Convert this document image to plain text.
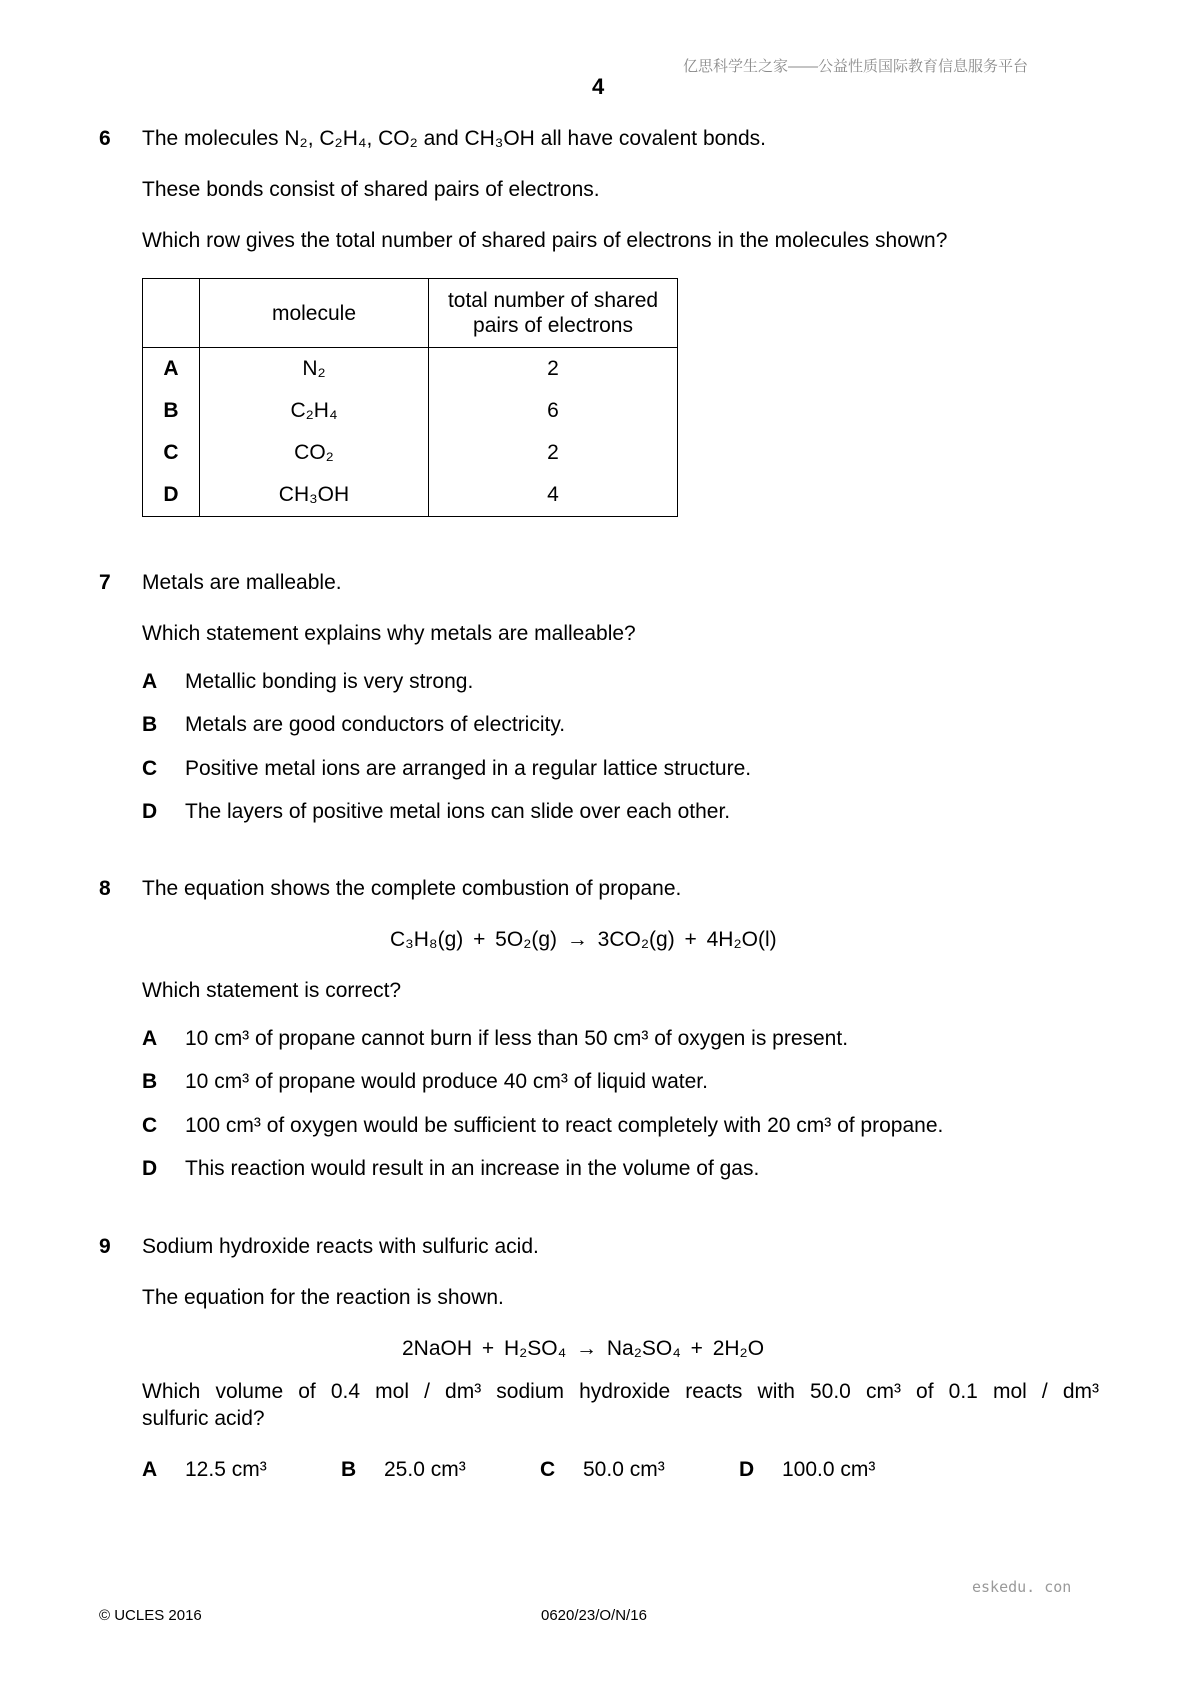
亿思科学生之家——公益性质国际教育信息服务平台
4
6 The molecules N₂, C₂H₄, CO₂ and CH₃OH all have covalent bonds.
These bonds consist of shared pairs of electrons.
Which row gives the total number of shared pairs of electrons in the molecules shown?
	molecule	total number of shared
pairs of electrons
A	N₂	2
B	C₂H₄	6
C	CO₂	2
D	CH₃OH	4
7 Metals are malleable.
Which statement explains why metals are malleable?
A Metallic bonding is very strong.
B Metals are good conductors of electricity.
C Positive metal ions are arranged in a regular lattice structure.
D The layers of positive metal ions can slide over each other.
8 The equation shows the complete combustion of propane.
C₃H₈(g) + 5O₂(g) → 3CO₂(g) + 4H₂O(l)
Which statement is correct?
A 10 cm³ of propane cannot burn if less than 50 cm³ of oxygen is present.
B 10 cm³ of propane would produce 40 cm³ of liquid water.
C 100 cm³ of oxygen would be sufficient to react completely with 20 cm³ of propane.
D This reaction would result in an increase in the volume of gas.
9 Sodium hydroxide reacts with sulfuric acid.
The equation for the reaction is shown.
2NaOH + H₂SO₄ → Na₂SO₄ + 2H₂O
Which volume of 0.4 mol / dm³ sodium hydroxide reacts with 50.0 cm³ of 0.1 mol / dm³
sulfuric acid?
A 12.5 cm³	B 25.0 cm³	C 50.0 cm³	D 100.0 cm³
eskedu. con
© UCLES 2016	0620/23/O/N/16
